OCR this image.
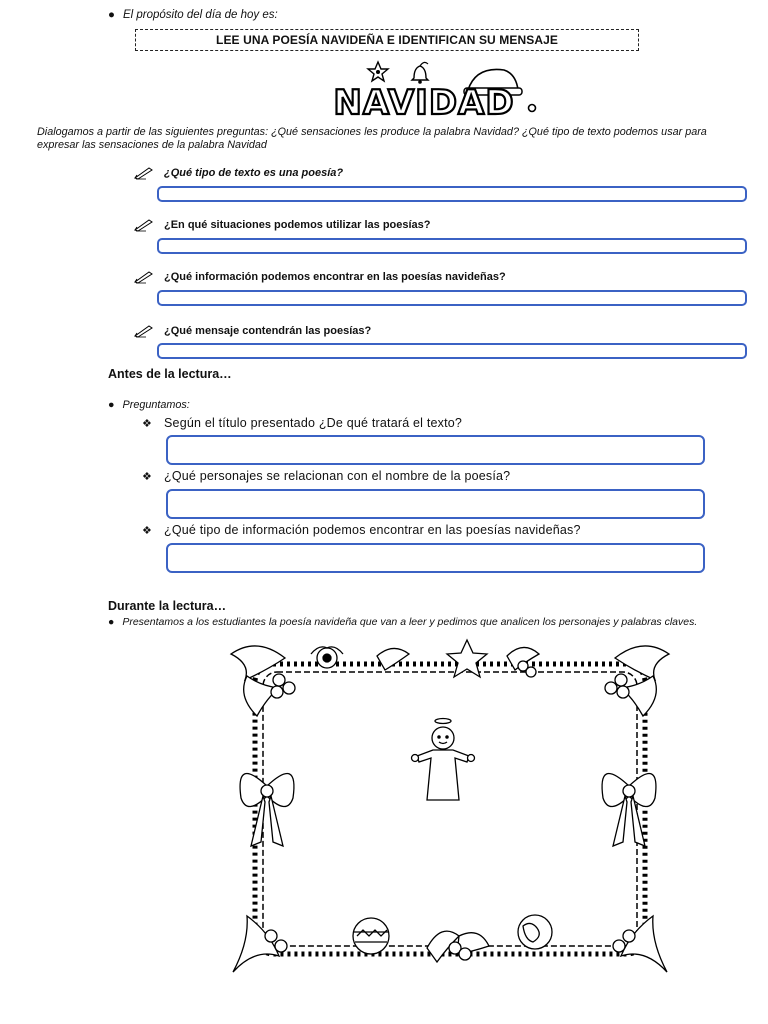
● El propósito del día de hoy es:
LEE UNA POESÍA NAVIDEÑA E IDENTIFICAN SU MENSAJE
NAVIDAD
Dialogamos a partir de las siguientes preguntas: ¿Qué sensaciones les produce la palabra Navidad? ¿Qué tipo de texto podemos usar para expresar las sensaciones de la palabra Navidad
¿Qué tipo de texto es una poesía?
¿En qué situaciones podemos utilizar las poesías?
¿Qué información podemos encontrar en las poesías navideñas?
¿Qué mensaje contendrán las poesías?
Antes de la lectura…
● Preguntamos:
❖ Según el título presentado ¿De qué tratará el texto?
❖ ¿Qué personajes se relacionan con el nombre de la poesía?
❖ ¿Qué tipo de información podemos encontrar en las poesías navideñas?
Durante la lectura…
● Presentamos a los estudiantes la poesía navideña que van a leer y pedimos que analicen los personajes y palabras claves.
